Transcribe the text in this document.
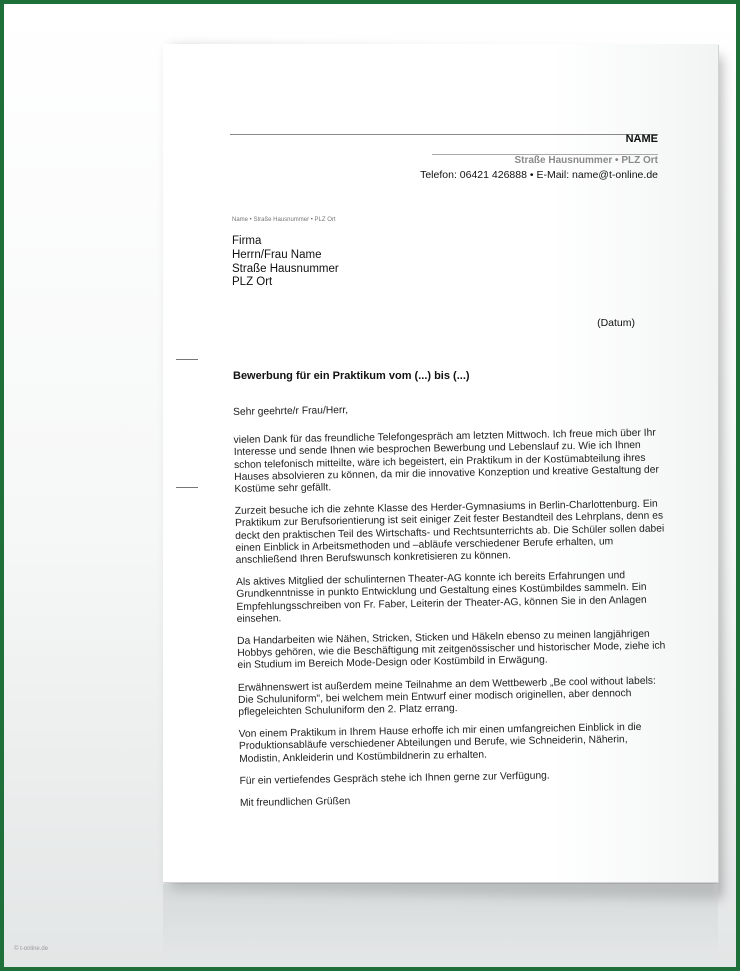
NAME
Straße Hausnummer • PLZ Ort
Telefon: 06421 426888 • E-Mail: name@t-online.de
Name • Straße Hausnummer • PLZ Ort
Firma
Herrn/Frau Name
Straße Hausnummer
PLZ Ort
(Datum)
Bewerbung für ein Praktikum vom (...) bis (...)

Sehr geehrte/r Frau/Herr,

vielen Dank für das freundliche Telefongespräch am letzten Mittwoch. Ich freue mich über Ihr Interesse und sende Ihnen wie besprochen Bewerbung und Lebenslauf zu. Wie ich Ihnen schon telefonisch mitteilte, wäre ich begeistert, ein Praktikum in der Kostümabteilung ihres Hauses absolvieren zu können, da mir die innovative Konzeption und kreative Gestaltung der Kostüme sehr gefällt.

Zurzeit besuche ich die zehnte Klasse des Herder-Gymnasiums in Berlin-Charlottenburg. Ein Praktikum zur Berufsorientierung ist seit einiger Zeit fester Bestandteil des Lehrplans, denn es deckt den praktischen Teil des Wirtschafts- und Rechtsunterrichts ab. Die Schüler sollen dabei einen Einblick in Arbeitsmethoden und –abläufe verschiedener Berufe erhalten, um anschließend Ihren Berufswunsch konkretisieren zu können.

Als aktives Mitglied der schulinternen Theater-AG konnte ich bereits Erfahrungen und Grundkenntnisse in punkto Entwicklung und Gestaltung eines Kostümbildes sammeln. Ein Empfehlungsschreiben von Fr. Faber, Leiterin der Theater-AG, können Sie in den Anlagen einsehen.

Da Handarbeiten wie Nähen, Stricken, Sticken und Häkeln ebenso zu meinen langjährigen Hobbys gehören, wie die Beschäftigung mit zeitgenössischer und historischer Mode, ziehe ich ein Studium im Bereich Mode-Design oder Kostümbild in Erwägung.

Erwähnenswert ist außerdem meine Teilnahme an dem Wettbewerb „Be cool without labels: Die Schuluniform", bei welchem mein Entwurf einer modisch originellen, aber dennoch pflegeleichten Schuluniform den 2. Platz errang.

Von einem Praktikum in Ihrem Hause erhoffe ich mir einen umfangreichen Einblick in die Produktionsabläufe verschiedener Abteilungen und Berufe, wie Schneiderin, Näherin, Modistin, Ankleiderin und Kostümbildnerin zu erhalten.

Für ein vertiefendes Gespräch stehe ich Ihnen gerne zur Verfügung.

Mit freundlichen Grüßen

© t-online.de
